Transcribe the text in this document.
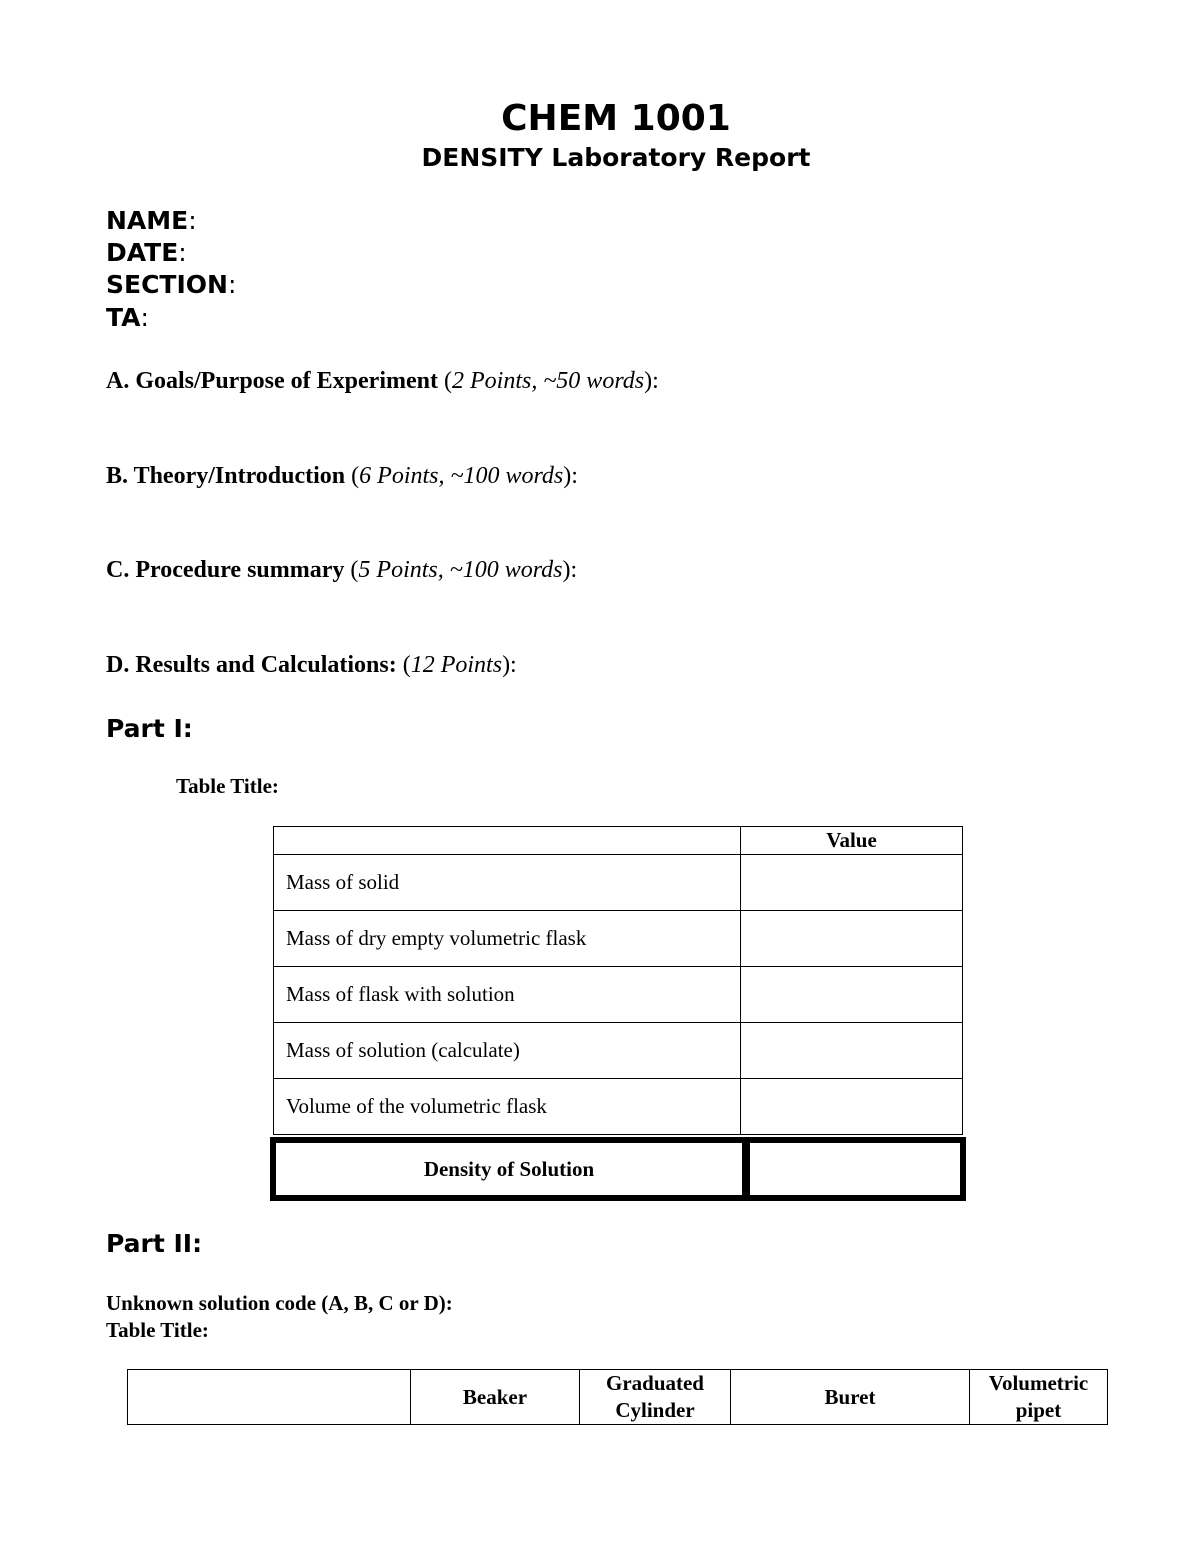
CHEM 1001
DENSITY Laboratory Report
NAME:
DATE:
SECTION:
TA:
A. Goals/Purpose of Experiment (2 Points, ~50 words):
B. Theory/Introduction (6 Points, ~100 words):
C. Procedure summary (5 Points, ~100 words):
D. Results and Calculations: (12 Points):
Part I:
Table Title:
	Value
Mass of solid	
Mass of dry empty volumetric flask	
Mass of flask with solution	
Mass of solution (calculate)	
Volume of the volumetric flask	
Density of Solution
Part II:
Unknown solution code (A, B, C or D):
Table Title:
	Beaker	Graduated Cylinder	Buret	Volumetric pipet
